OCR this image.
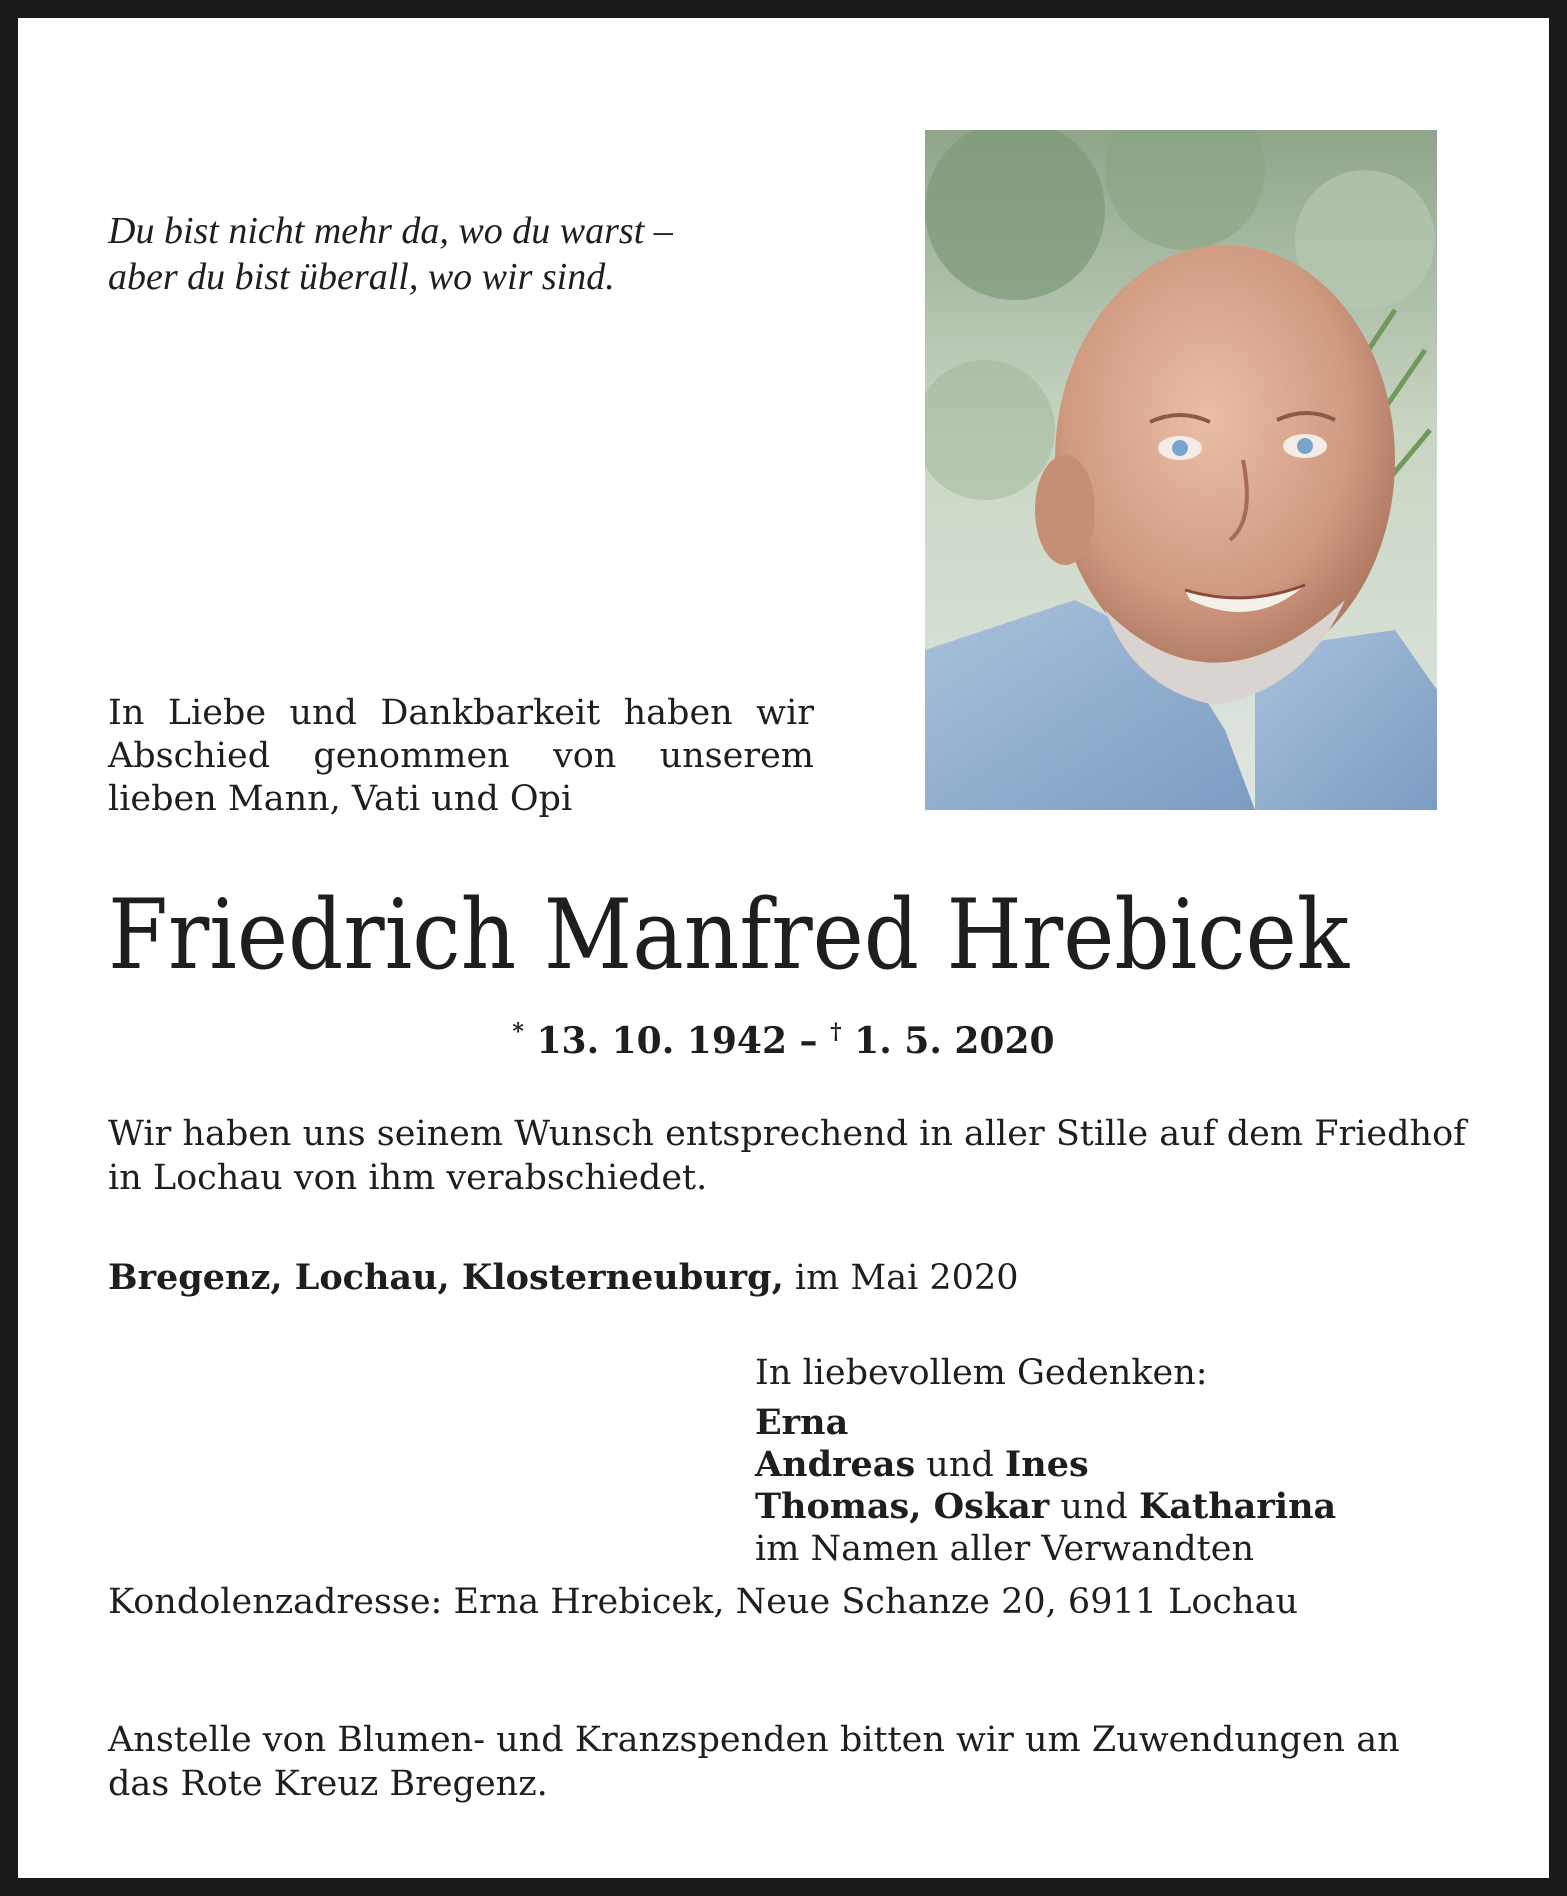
Du bist nicht mehr da, wo du warst –
aber du bist überall, wo wir sind.
In Liebe und Dankbarkeit haben wir Abschied genommen von unserem lieben Mann, Vati und Opi
Friedrich Manfred Hrebicek
* 13. 10. 1942 – † 1. 5. 2020
Wir haben uns seinem Wunsch entsprechend in aller Stille auf dem Friedhof in Lochau von ihm verabschiedet.
Bregenz, Lochau, Klosterneuburg, im Mai 2020
In liebevollem Gedenken:
Erna
Andreas und Ines
Thomas, Oskar und Katharina
im Namen aller Verwandten
Kondolenzadresse: Erna Hrebicek, Neue Schanze 20, 6911 Lochau
Anstelle von Blumen- und Kranzspenden bitten wir um Zuwendungen an das Rote Kreuz Bregenz.
